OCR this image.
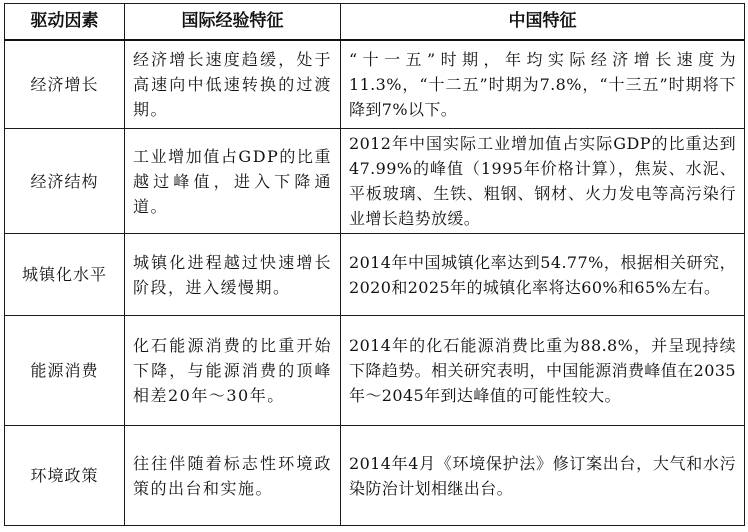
驱动因素	国际经验特征	中国特征
经济增长	经济增长速度趋缓，处于高速向中低速转换的过渡期。	“十一五”时期，年均实际经济增长速度为11.3%，“十二五”时期为7.8%，“十三五”时期将下降到7%以下。
经济结构	工业增加值占GDP的比重越过峰值，进入下降通道。	2012年中国实际工业增加值占实际GDP的比重达到47.99%的峰值（1995年价格计算），焦炭、水泥、平板玻璃、生铁、粗钢、钢材、火力发电等高污染行业增长趋势放缓。
城镇化水平	城镇化进程越过快速增长阶段，进入缓慢期。	2014年中国城镇化率达到54.77%，根据相关研究，2020和2025年的城镇化率将达60%和65%左右。
能源消费	化石能源消费的比重开始下降，与能源消费的顶峰相差20年～30年。	2014年的化石能源消费比重为88.8%，并呈现持续下降趋势。相关研究表明，中国能源消费峰值在2035年～2045年到达峰值的可能性较大。
环境政策	往往伴随着标志性环境政策的出台和实施。	2014年4月《环境保护法》修订案出台，大气和水污染防治计划相继出台。
